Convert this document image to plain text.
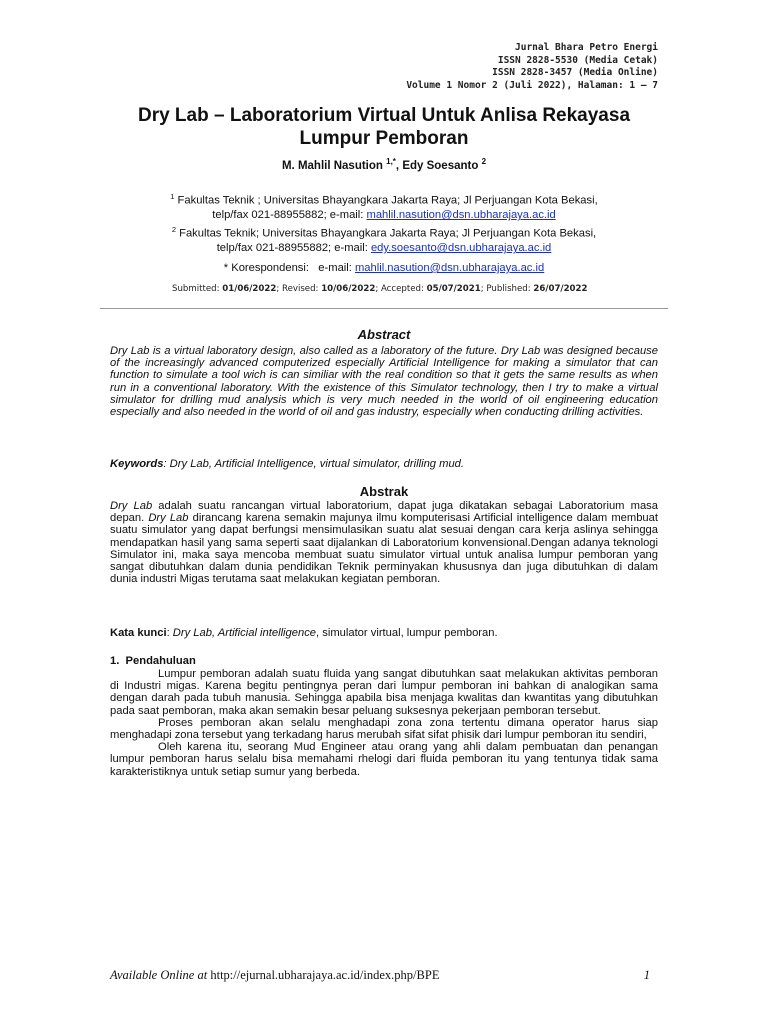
Jurnal Bhara Petro Energi
ISSN 2828-5530 (Media Cetak)
ISSN 2828-3457 (Media Online)
Volume 1 Nomor 2 (Juli 2022), Halaman: 1 – 7
Dry Lab – Laboratorium Virtual Untuk Anlisa Rekayasa Lumpur Pemboran
M. Mahlil Nasution $^{1,*}$, Edy Soesanto $^2$
$^1$ Fakultas Teknik ; Universitas Bhayangkara Jakarta Raya; Jl Perjuangan Kota Bekasi,
telp/fax 021-88955882; e-mail: mahlil.nasution@dsn.ubharajaya.ac.id
$^2$ Fakultas Teknik; Universitas Bhayangkara Jakarta Raya; Jl Perjuangan Kota Bekasi,
telp/fax 021-88955882; e-mail: edy.soesanto@dsn.ubharajaya.ac.id
* Korespondensi:   e-mail: mahlil.nasution@dsn.ubharajaya.ac.id
Submitted: 01/06/2022; Revised: 10/06/2022; Accepted: 05/07/2021; Published: 26/07/2022
Abstract
Dry Lab is a virtual laboratory design, also called as a laboratory of the future. Dry Lab was designed because of the increasingly advanced computerized especially Artificial Intelligence for making a simulator that can function to simulate a tool wich is can similiar with the real condition so that it gets the same results as when run in a conventional laboratory. With the existence of this Simulator technology, then I try to make a virtual simulator for drilling mud analysis which is very much needed in the world of oil engineering education especially and also needed in the world of oil and gas industry, especially when conducting drilling activities.
Keywords: Dry Lab, Artificial Intelligence, virtual simulator, drilling mud.
Abstrak
Dry Lab adalah suatu rancangan virtual laboratorium, dapat juga dikatakan sebagai Laboratorium masa depan. Dry Lab dirancang karena semakin majunya ilmu komputerisasi Artificial intelligence dalam membuat suatu simulator yang dapat berfungsi mensimulasikan suatu alat sesuai dengan cara kerja aslinya sehingga mendapatkan hasil yang sama seperti saat dijalankan di Laboratorium konvensional.Dengan adanya teknologi Simulator ini, maka saya mencoba membuat suatu simulator virtual untuk analisa lumpur pemboran yang sangat dibutuhkan dalam dunia pendidikan Teknik perminyakan khususnya dan juga dibutuhkan di dalam dunia industri Migas terutama saat melakukan kegiatan pemboran.
Kata kunci: Dry Lab, Artificial intelligence, simulator virtual, lumpur pemboran.
1.  Pendahuluan

Lumpur pemboran adalah suatu fluida yang sangat dibutuhkan saat melakukan aktivitas pemboran di Industri migas. Karena begitu pentingnya peran dari lumpur pemboran ini bahkan di analogikan sama dengan darah pada tubuh manusia. Sehingga apabila bisa menjaga kwalitas dan kwantitas yang dibutuhkan pada saat pemboran, maka akan semakin besar peluang suksesnya pekerjaan pemboran tersebut.

Proses pemboran akan selalu menghadapi zona zona tertentu dimana operator harus siap menghadapi zona tersebut yang terkadang harus merubah sifat sifat phisik dari lumpur pemboran itu sendiri,

Oleh karena itu, seorang Mud Engineer atau orang yang ahli dalam pembuatan dan penangan lumpur pemboran harus selalu bisa memahami rhelogi dari fluida pemboran itu yang tentunya tidak sama karakteristiknya untuk setiap sumur yang berbeda.

Available Online at http://ejurnal.ubharajaya.ac.id/index.php/BPE	1
